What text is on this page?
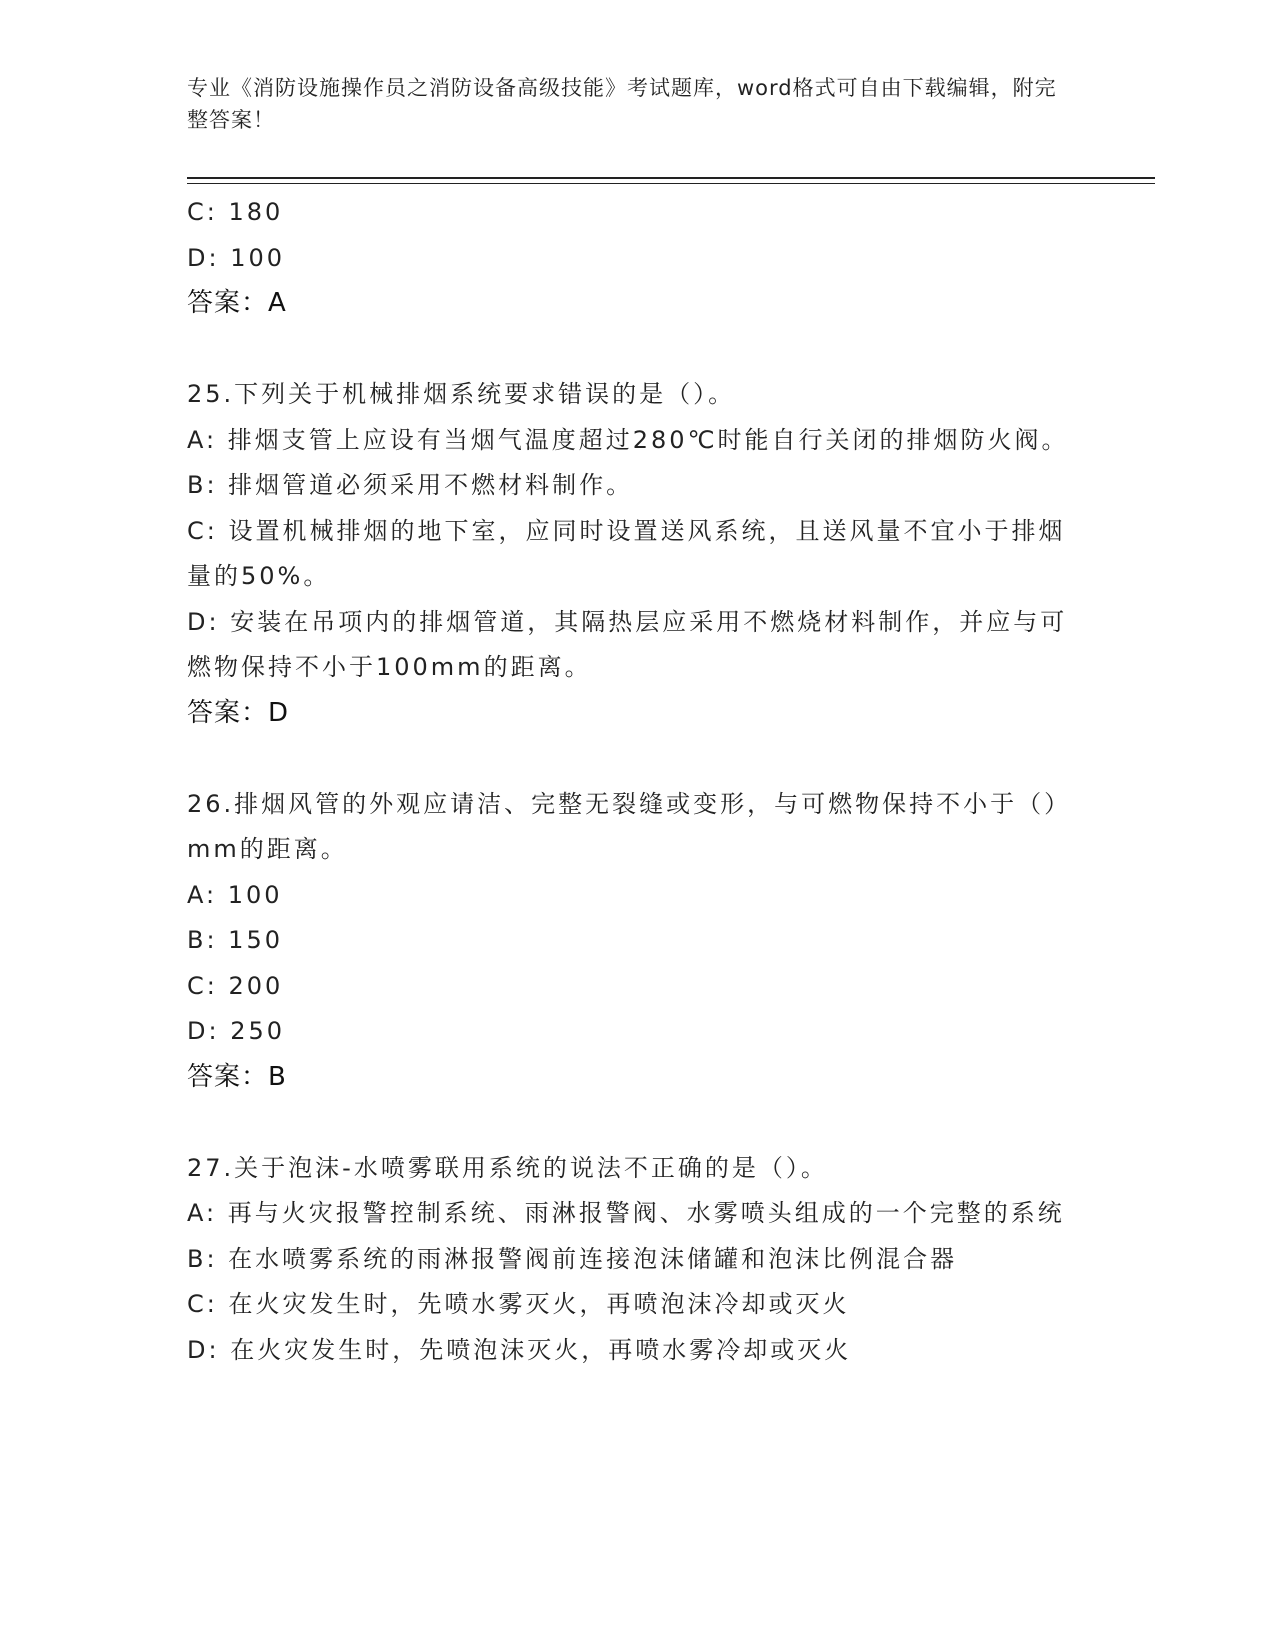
专业《消防设施操作员之消防设备高级技能》考试题库，word格式可自由下载编辑，附完整答案！

C: 180

D: 100

答案：A

25.下列关于机械排烟系统要求错误的是（）。

A: 排烟支管上应设有当烟气温度超过280℃时能自行关闭的排烟防火阀。

B: 排烟管道必须采用不燃材料制作。

C: 设置机械排烟的地下室，应同时设置送风系统，且送风量不宜小于排烟量的50%。

D: 安装在吊项内的排烟管道，其隔热层应采用不燃烧材料制作，并应与可燃物保持不小于100mm的距离。

答案：D

26.排烟风管的外观应请洁、完整无裂缝或变形，与可燃物保持不小于（）mm的距离。

A: 100

B: 150

C: 200

D: 250

答案：B

27.关于泡沫-水喷雾联用系统的说法不正确的是（）。

A: 再与火灾报警控制系统、雨淋报警阀、水雾喷头组成的一个完整的系统

B: 在水喷雾系统的雨淋报警阀前连接泡沫储罐和泡沫比例混合器

C: 在火灾发生时，先喷水雾灭火，再喷泡沫冷却或灭火

D: 在火灾发生时，先喷泡沫灭火，再喷水雾冷却或灭火
